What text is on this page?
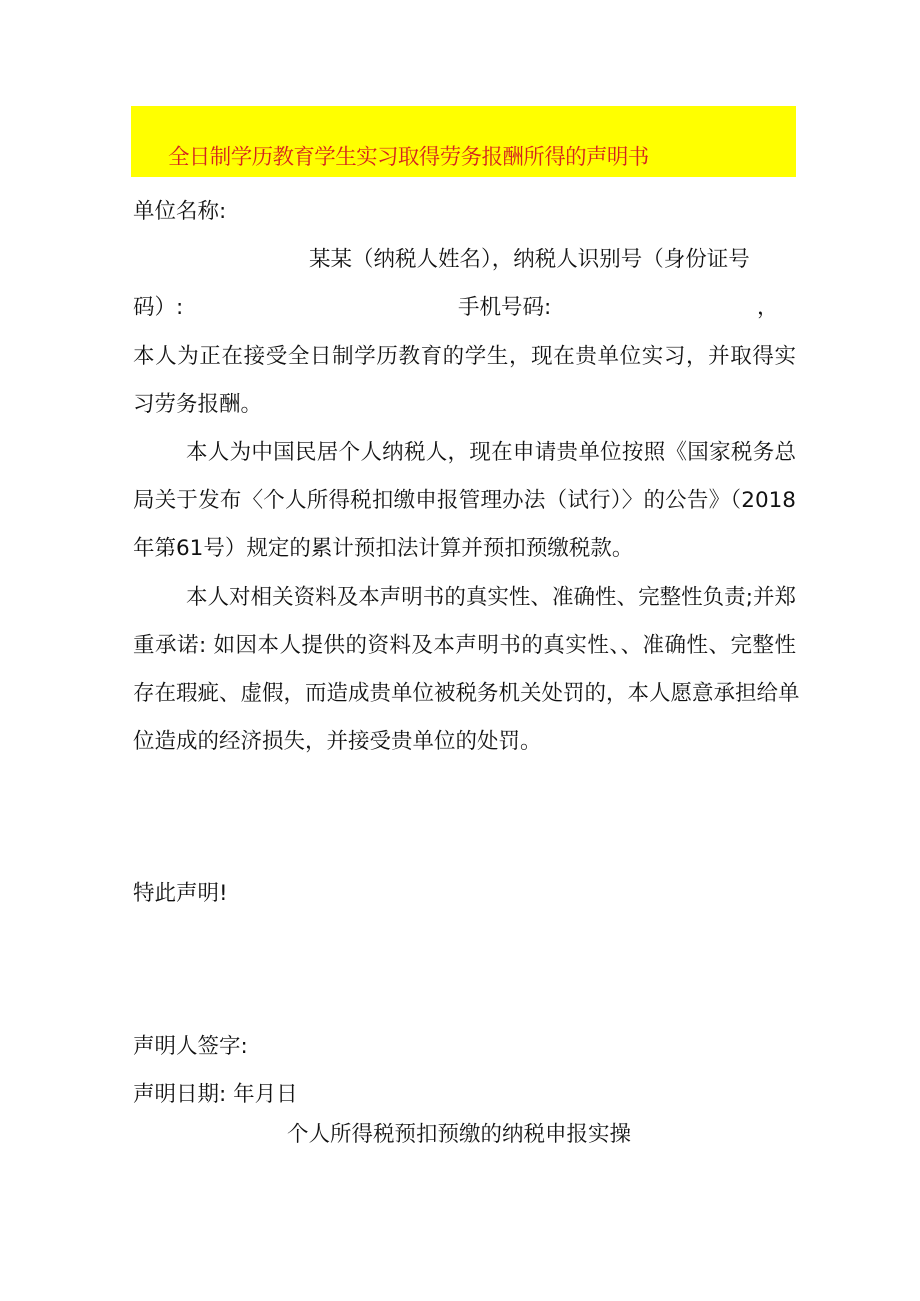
全日制学历教育学生实习取得劳务报酬所得的声明书
单位名称:
某某（纳税人姓名），纳税人识别号（身份证号
码）:	手机号码:	，
本人为正在接受全日制学历教育的学生，现在贵单位实习，并取得实
习劳务报酬。
本人为中国民居个人纳税人，现在申请贵单位按照《国家税务总
局关于发布〈个人所得税扣缴申报管理办法（试行）〉的公告》（2018
年第61号）规定的累计预扣法计算并预扣预缴税款。
本人对相关资料及本声明书的真实性、准确性、完整性负责;并郑
重承诺: 如因本人提供的资料及本声明书的真实性、、准确性、完整性
存在瑕疵、虚假，而造成贵单位被税务机关处罚的，本人愿意承担给单
位造成的经济损失，并接受贵单位的处罚。
特此声明!
声明人签字:
声明日期: 年月日
个人所得税预扣预缴的纳税申报实操
